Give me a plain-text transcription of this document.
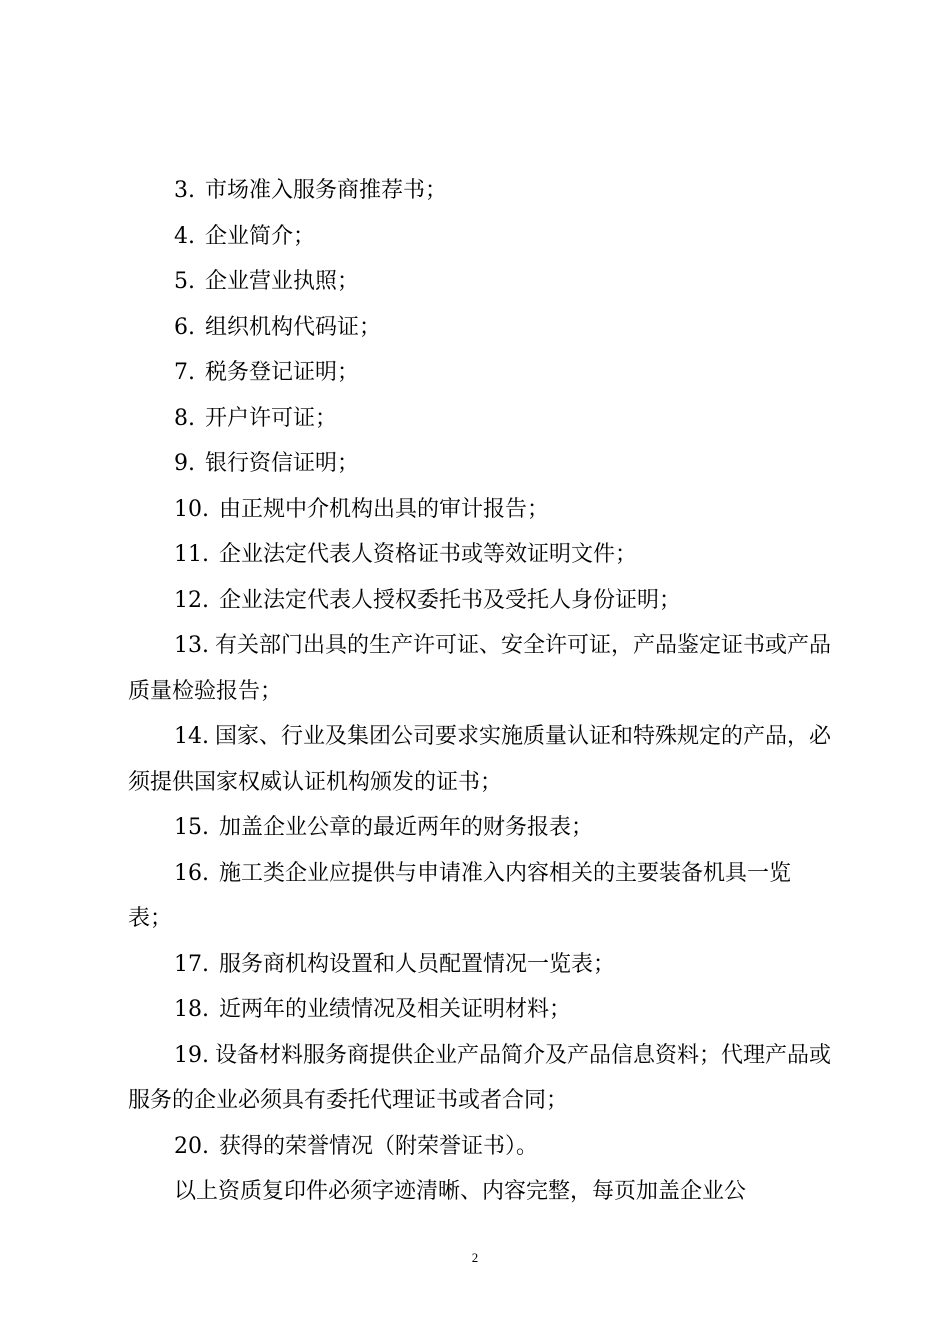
3. 市场准入服务商推荐书；

4. 企业简介；

5. 企业营业执照；

6. 组织机构代码证；

7. 税务登记证明；

8. 开户许可证；

9. 银行资信证明；

10. 由正规中介机构出具的审计报告；

11. 企业法定代表人资格证书或等效证明文件；

12. 企业法定代表人授权委托书及受托人身份证明；

13. 有关部门出具的生产许可证、安全许可证，产品鉴定证书或产品质量检验报告；

14. 国家、行业及集团公司要求实施质量认证和特殊规定的产品，必须提供国家权威认证机构颁发的证书；

15. 加盖企业公章的最近两年的财务报表；

16. 施工类企业应提供与申请准入内容相关的主要装备机具一览表；

17. 服务商机构设置和人员配置情况一览表；

18. 近两年的业绩情况及相关证明材料；

19. 设备材料服务商提供企业产品简介及产品信息资料；代理产品或服务的企业必须具有委托代理证书或者合同；

20. 获得的荣誉情况（附荣誉证书）。

以上资质复印件必须字迹清晰、内容完整，每页加盖企业公

2
